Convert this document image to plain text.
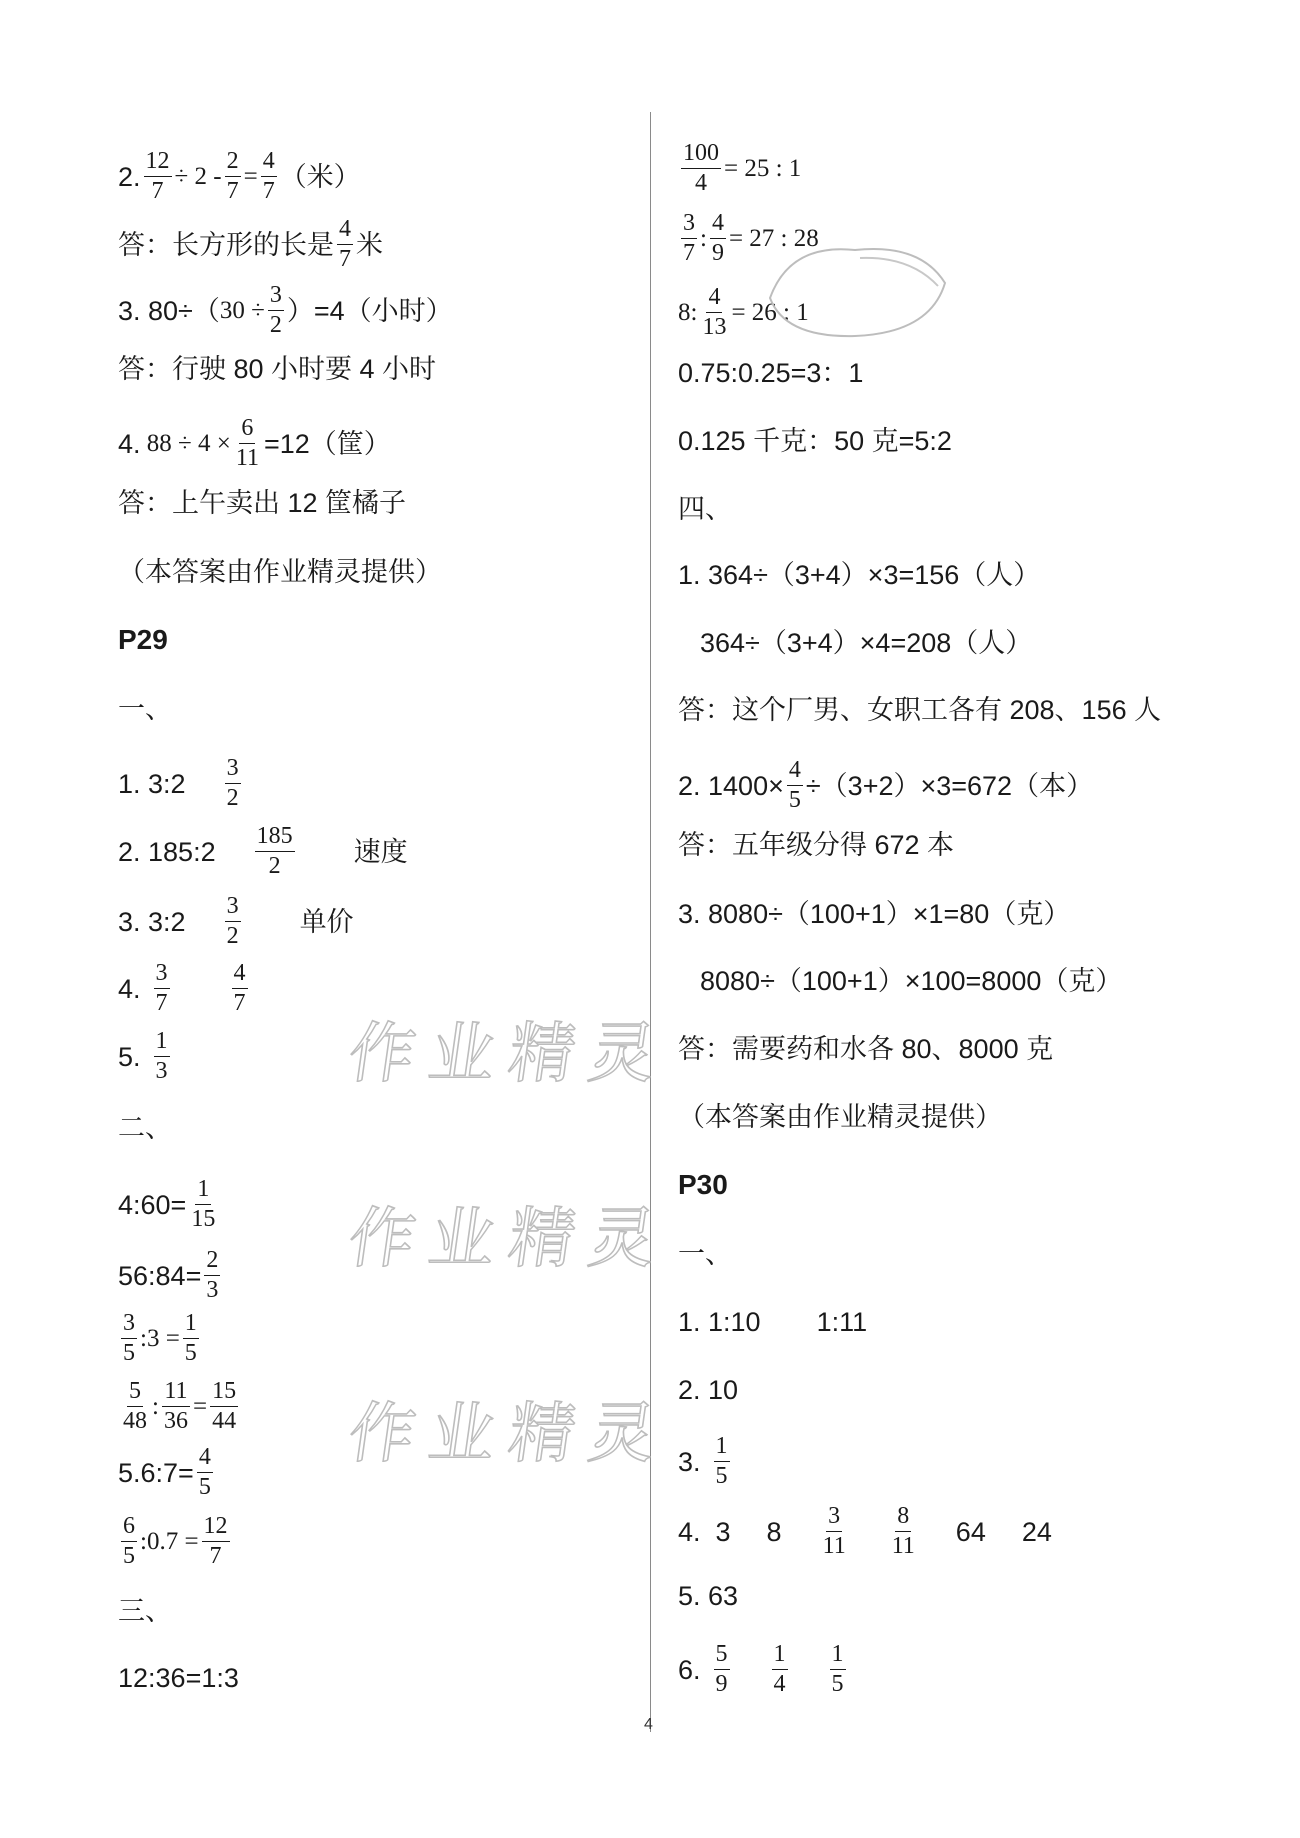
2. $\frac{12}{7} \div 2 - \frac{2}{7} = \frac{4}{7}$ （米）
答：长方形的长是 $\frac{4}{7}$ 米
3. 80÷（ $30 \div \frac{3}{2}$ ） =4（小时）
答：行驶 80 小时要 4 小时
4. $88 \div 4 \times \frac{6}{11} =12$（筐）
答：上午卖出 12 筐橘子
（本答案由作业精灵提供）
P29
一、
1. 3:2 $\frac{3}{2}$
2. 185:2 $\frac{185}{2}$ 速度
3. 3:2 $\frac{3}{2}$ 单价
4. $\frac{3}{7}$	$\frac{4}{7}$
5. $\frac{1}{3}$
二、
4:60= $\frac{1}{15}$
56:84= $\frac{2}{3}$
$\frac{3}{5}$ :3 = $\frac{1}{5}$
$\frac{5}{48}$ : $\frac{11}{36} = \frac{15}{44}$
5.6:7= $\frac{4}{5}$
$\frac{6}{5}$ :0.7 = $\frac{12}{7}$
三、
12:36=1:3
作业精灵
作业精灵
作业精灵
$\frac{100}{4} = 25$ : 1
$\frac{3}{7}$ : $\frac{4}{9} = 27$ : 28
8: $\frac{4}{13} = 26$ : 1
0.75:0.25=3：1
0.125 千克：50 克=5:2
四、
1. 364÷（3+4）×3=156（人）
364÷（3+4）×4=208（人）
答：这个厂男、女职工各有 208、156 人
2. $1400\times \frac{4}{5} \div(3+2)\times 3=672$（本）
答：五年级分得 672 本
3. 8080÷（100+1）×1=80（克）
8080÷（100+1）×100=8000（克）
答：需要药和水各 80、8000 克
（本答案由作业精灵提供）
P30
一、
1. 1:10 1:11
2. 10
3. $\frac{1}{5}$
4.  3 $8 \frac{3}{11} \frac{8}{11} 64$ 24
5. 63
6. $\frac{5}{9} \frac{1}{4} \frac{1}{5}$
4
